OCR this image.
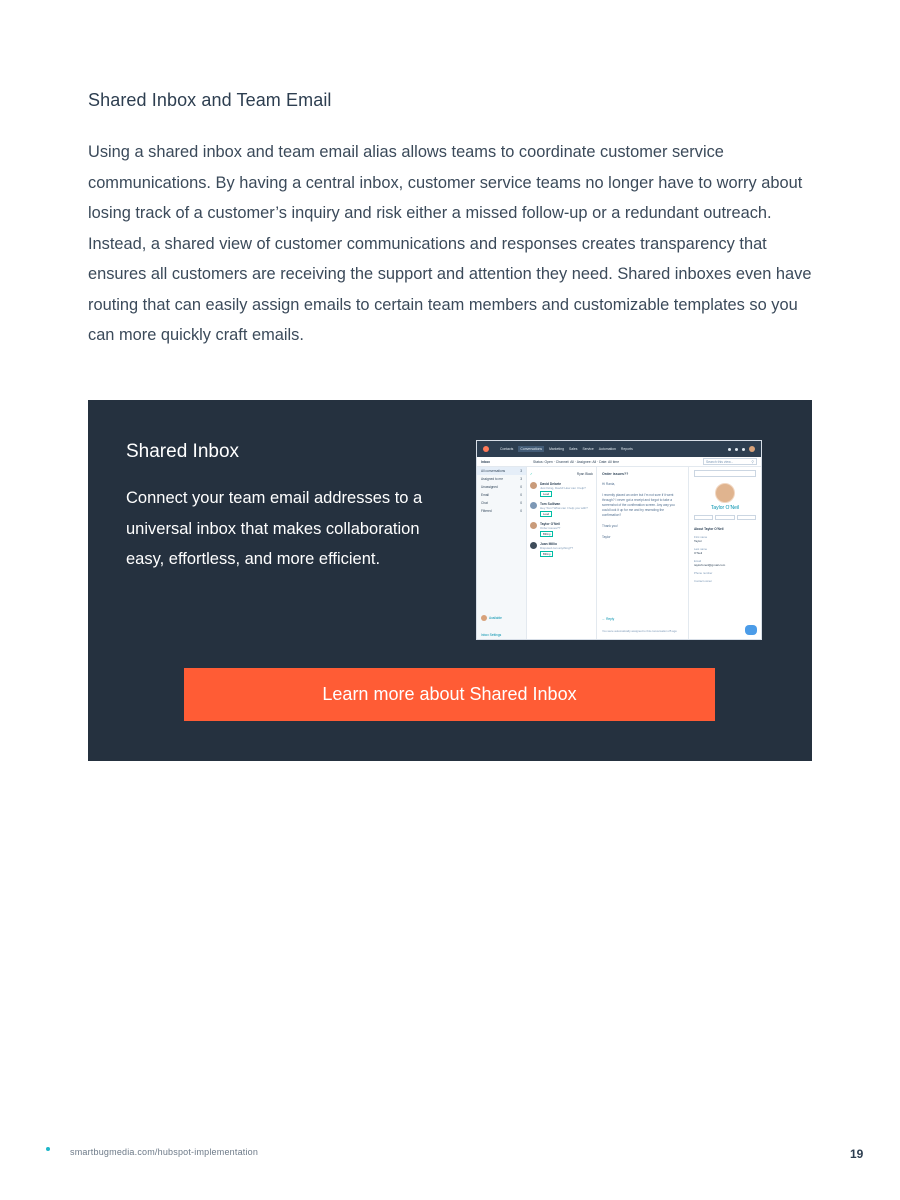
Shared Inbox and Team Email
Using a shared inbox and team email alias allows teams to coordinate customer service communications. By having a central inbox, customer service teams no longer have to worry about losing track of a customer’s inquiry and risk either a missed follow-up or a redundant outreach. Instead, a shared view of customer communications and responses creates transparency that ensures all customers are receiving the support and attention they need. Shared inboxes even have routing that can easily assign emails to certain team members and customizable templates so you can more quickly craft emails.
Shared Inbox
Connect your team email addresses to a universal inbox that makes collaboration easy, effortless, and more efficient.
Contacts	Conversations	Marketing Sales Service Automation Reports
Inbox	Status: Open · Channel: All · Assignee: All · Date: All time	Search this view...	⚲
All conversations	3
Assigned to me	3
Unassigned	0
Email	0
Chat	0
Filtered	0
Available
Inbox Settings
✓	Ryan Black
David Delarte
Just fixing, David! How can I help?
Lead
Tom Sullivan
Hey Tom! What can I help you with?
Lead
Taylor O’Neil
Order issues??
Billing
Juan Millio
Disputed can anything??
Billing
Order issues??

Hi Rania,

I recently placed an order but I’m not sure if it went through? I never got a receipt and forgot to take a screenshot of the confirmation screen. Any way you could look it up for me and try resending the confirmation?

Thank you!

Taylor

← Reply
You were automatically assigned to this conversation 25 ago
Taylor O’Neil
About Taylor O’Neil
First name
Taylor
Last name
O’Neil
Email
taylorfoneil@gmail.com
Phone number
Contact owner
Learn more about Shared Inbox
smartbugmedia.com/hubspot-implementation	19
